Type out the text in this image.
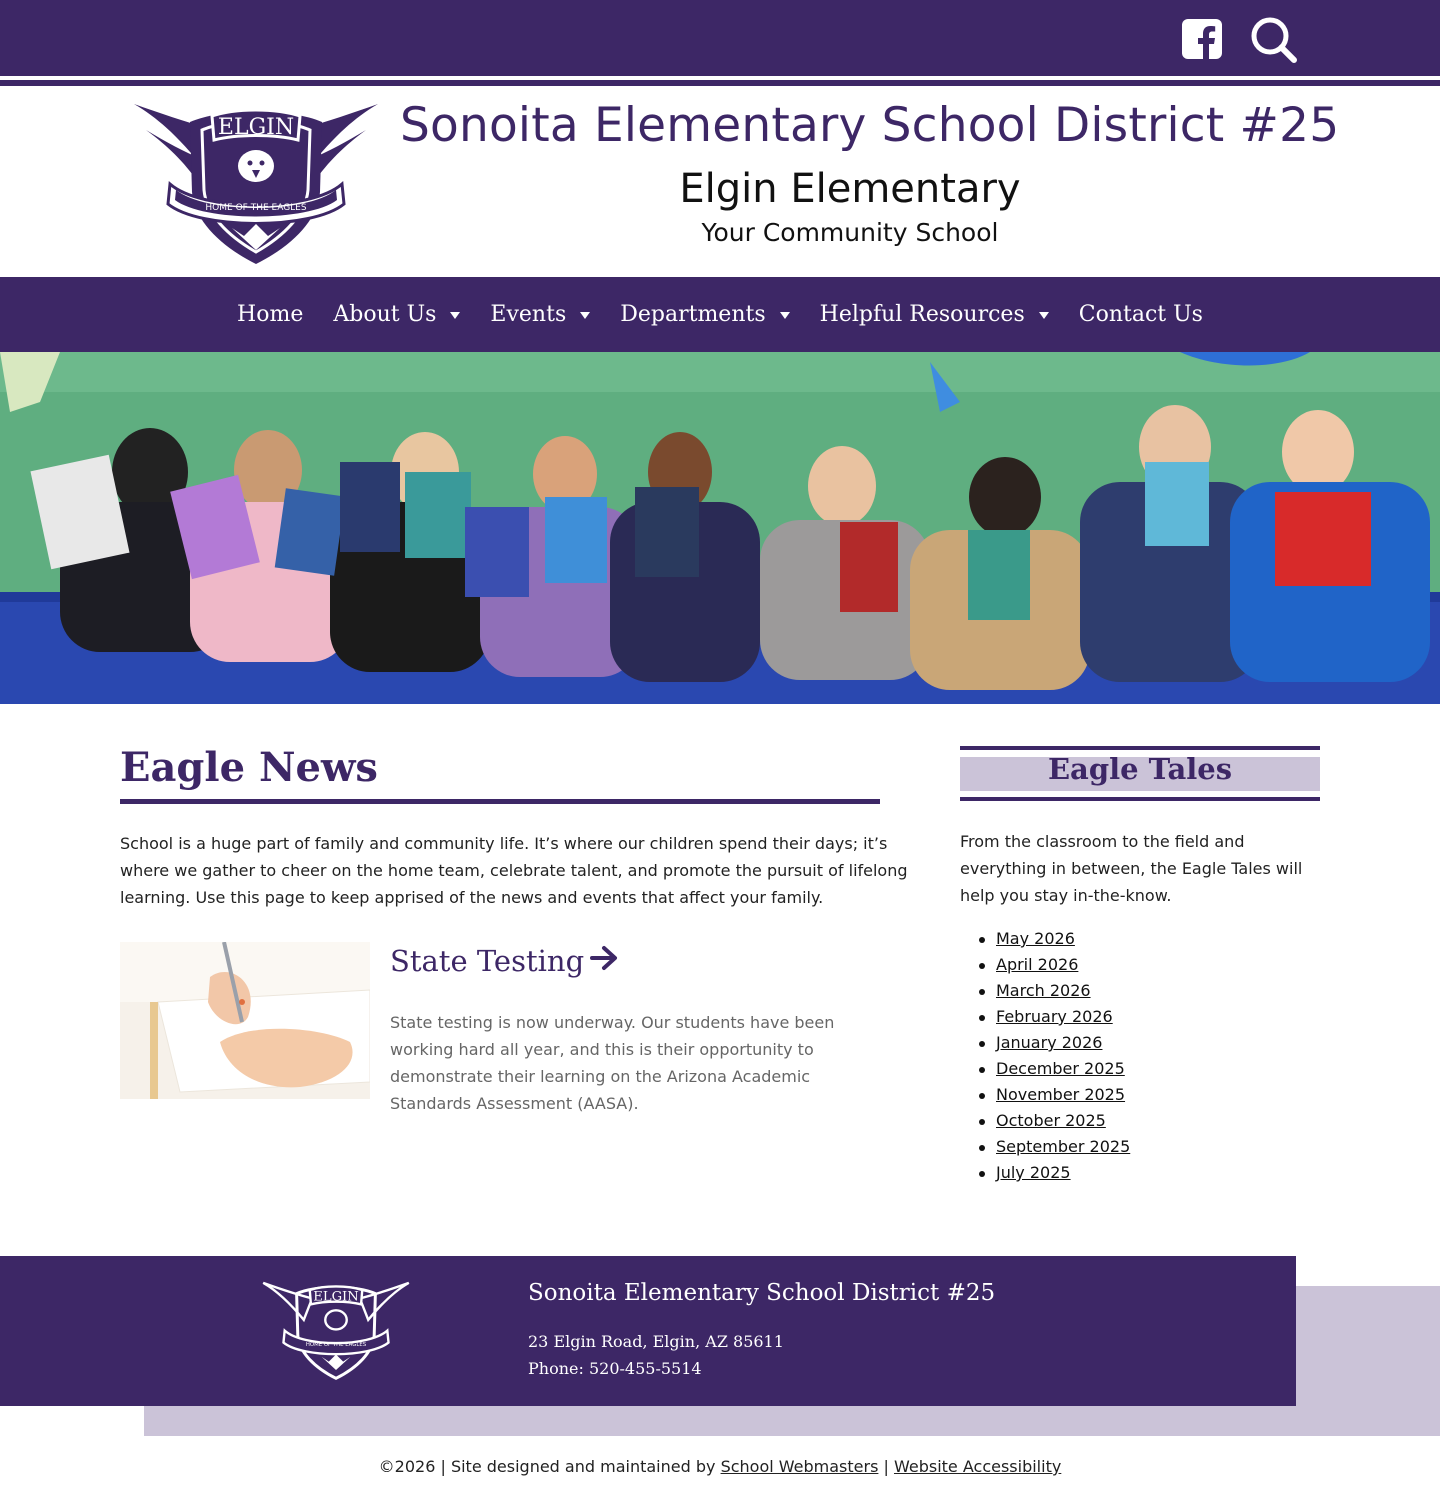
ELGIN
HOME OF THE EAGLES
Sonoita Elementary School District #25
Elgin Elementary
Your Community School
Home About Us Events Departments Helpful Resources Contact Us
Eagle News

School is a huge part of family and community life. It’s where our children spend their days; it’s where we gather to cheer on the home team, celebrate talent, and promote the pursuit of lifelong learning. Use this page to keep apprised of the news and events that affect your family.

State Testing

State testing is now underway. Our students have been working hard all year, and this is their opportunity to demonstrate their learning on the Arizona Academic Standards Assessment (AASA).

Eagle Tales

From the classroom to the field and everything in between, the Eagle Tales will help you stay in-the-know.

May 2026
April 2026
March 2026
February 2026
January 2026
December 2025
November 2025
October 2025
September 2025
July 2025
ELGIN
HOME OF THE EAGLES
Sonoita Elementary School District #25
23 Elgin Road, Elgin, AZ 85611
Phone: 520-455-5514
©2026 | Site designed and maintained by School Webmasters | Website Accessibility
